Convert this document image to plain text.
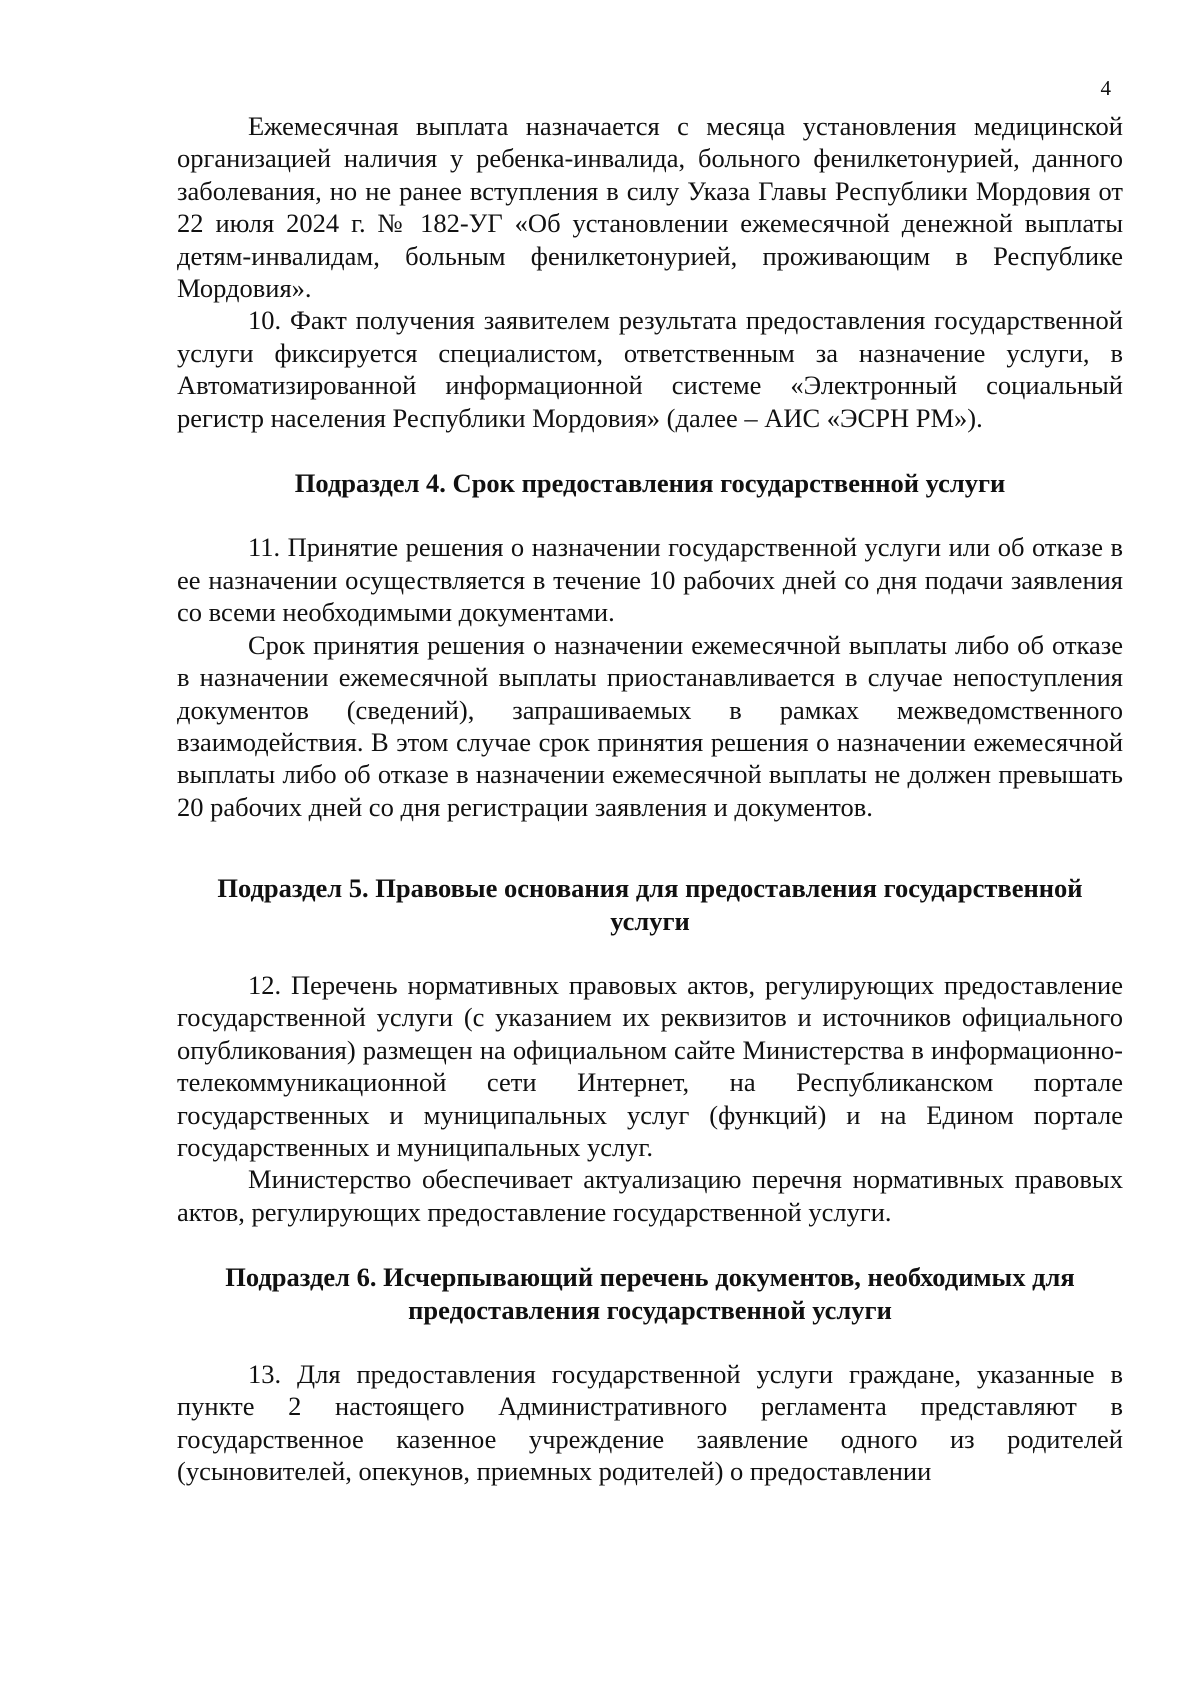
4

Ежемесячная выплата назначается с месяца установления медицинской организацией наличия у ребенка-инвалида, больного фенилкетонурией, данного заболевания, но не ранее вступления в силу Указа Главы Республики Мордовия от 22 июля 2024 г. № 182-УГ «Об установлении ежемесячной денежной выплаты детям-инвалидам, больным фенилкетонурией, проживающим в Республике Мордовия».

10. Факт получения заявителем результата предоставления государственной услуги фиксируется специалистом, ответственным за назначение услуги, в Автоматизированной информационной системе «Электронный социальный регистр населения Республики Мордовия» (далее – АИС «ЭСРН РМ»).

Подраздел 4. Срок предоставления государственной услуги

11. Принятие решения о назначении государственной услуги или об отказе в ее назначении осуществляется в течение 10 рабочих дней со дня подачи заявления со всеми необходимыми документами.

Срок принятия решения о назначении ежемесячной выплаты либо об отказе в назначении ежемесячной выплаты приостанавливается в случае непоступления документов (сведений), запрашиваемых в рамках межведомственного взаимодействия. В этом случае срок принятия решения о назначении ежемесячной выплаты либо об отказе в назначении ежемесячной выплаты не должен превышать 20 рабочих дней со дня регистрации заявления и документов.

Подраздел 5. Правовые основания для предоставления государственной услуги

12. Перечень нормативных правовых актов, регулирующих предоставление государственной услуги (с указанием их реквизитов и источников официального опубликования) размещен на официальном сайте Министерства в информационно-телекоммуникационной сети Интернет, на Республиканском портале государственных и муниципальных услуг (функций) и на Едином портале государственных и муниципальных услуг.

Министерство обеспечивает актуализацию перечня нормативных правовых актов, регулирующих предоставление государственной услуги.

Подраздел 6. Исчерпывающий перечень документов, необходимых для предоставления государственной услуги

13. Для предоставления государственной услуги граждане, указанные в пункте 2 настоящего Административного регламента представляют в государственное казенное учреждение заявление одного из родителей (усыновителей, опекунов, приемных родителей) о предоставлении
